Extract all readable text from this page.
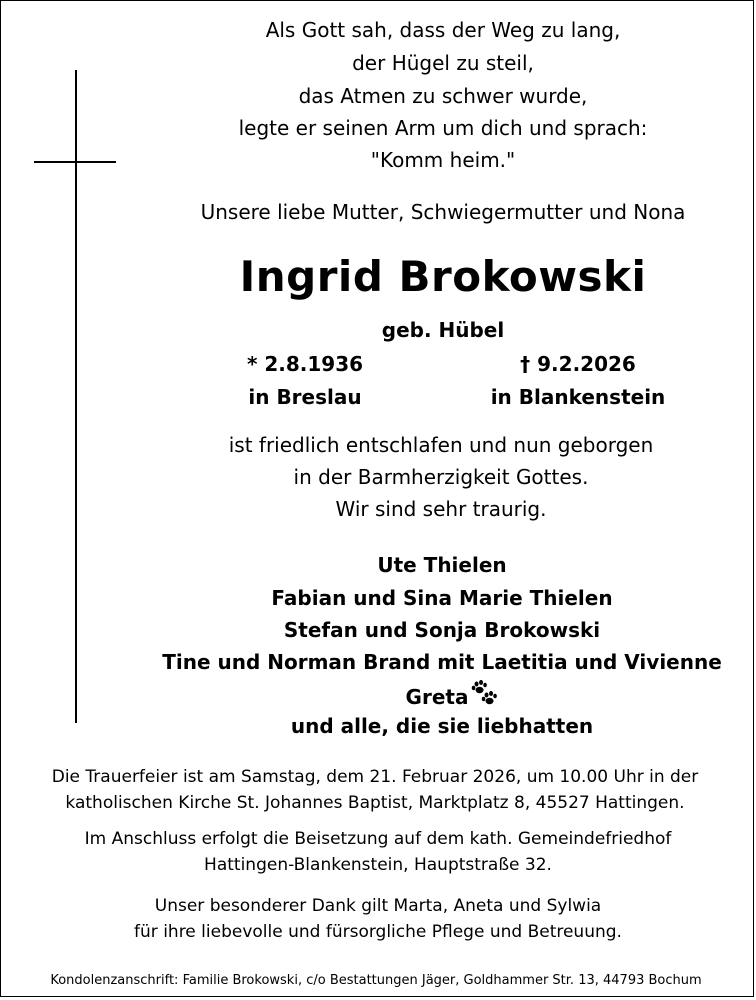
Als Gott sah, dass der Weg zu lang,
der Hügel zu steil,
das Atmen zu schwer wurde,
legte er seinen Arm um dich und sprach:
"Komm heim."
Unsere liebe Mutter, Schwiegermutter und Nona
Ingrid Brokowski
geb. Hübel
* 2.8.1936	† 9.2.2026
in Breslau	in Blankenstein
ist friedlich entschlafen und nun geborgen
in der Barmherzigkeit Gottes.
Wir sind sehr traurig.
Ute Thielen
Fabian und Sina Marie Thielen
Stefan und Sonja Brokowski
Tine und Norman Brand mit Laetitia und Vivienne
Greta
und alle, die sie liebhatten
Die Trauerfeier ist am Samstag, dem 21. Februar 2026, um 10.00 Uhr in der
katholischen Kirche St. Johannes Baptist, Marktplatz 8, 45527 Hattingen.
Im Anschluss erfolgt die Beisetzung auf dem kath. Gemeindefriedhof
Hattingen-Blankenstein, Hauptstraße 32.
Unser besonderer Dank gilt Marta, Aneta und Sylwia
für ihre liebevolle und fürsorgliche Pflege und Betreuung.
Kondolenzanschrift: Familie Brokowski, c/o Bestattungen Jäger, Goldhammer Str. 13, 44793 Bochum
